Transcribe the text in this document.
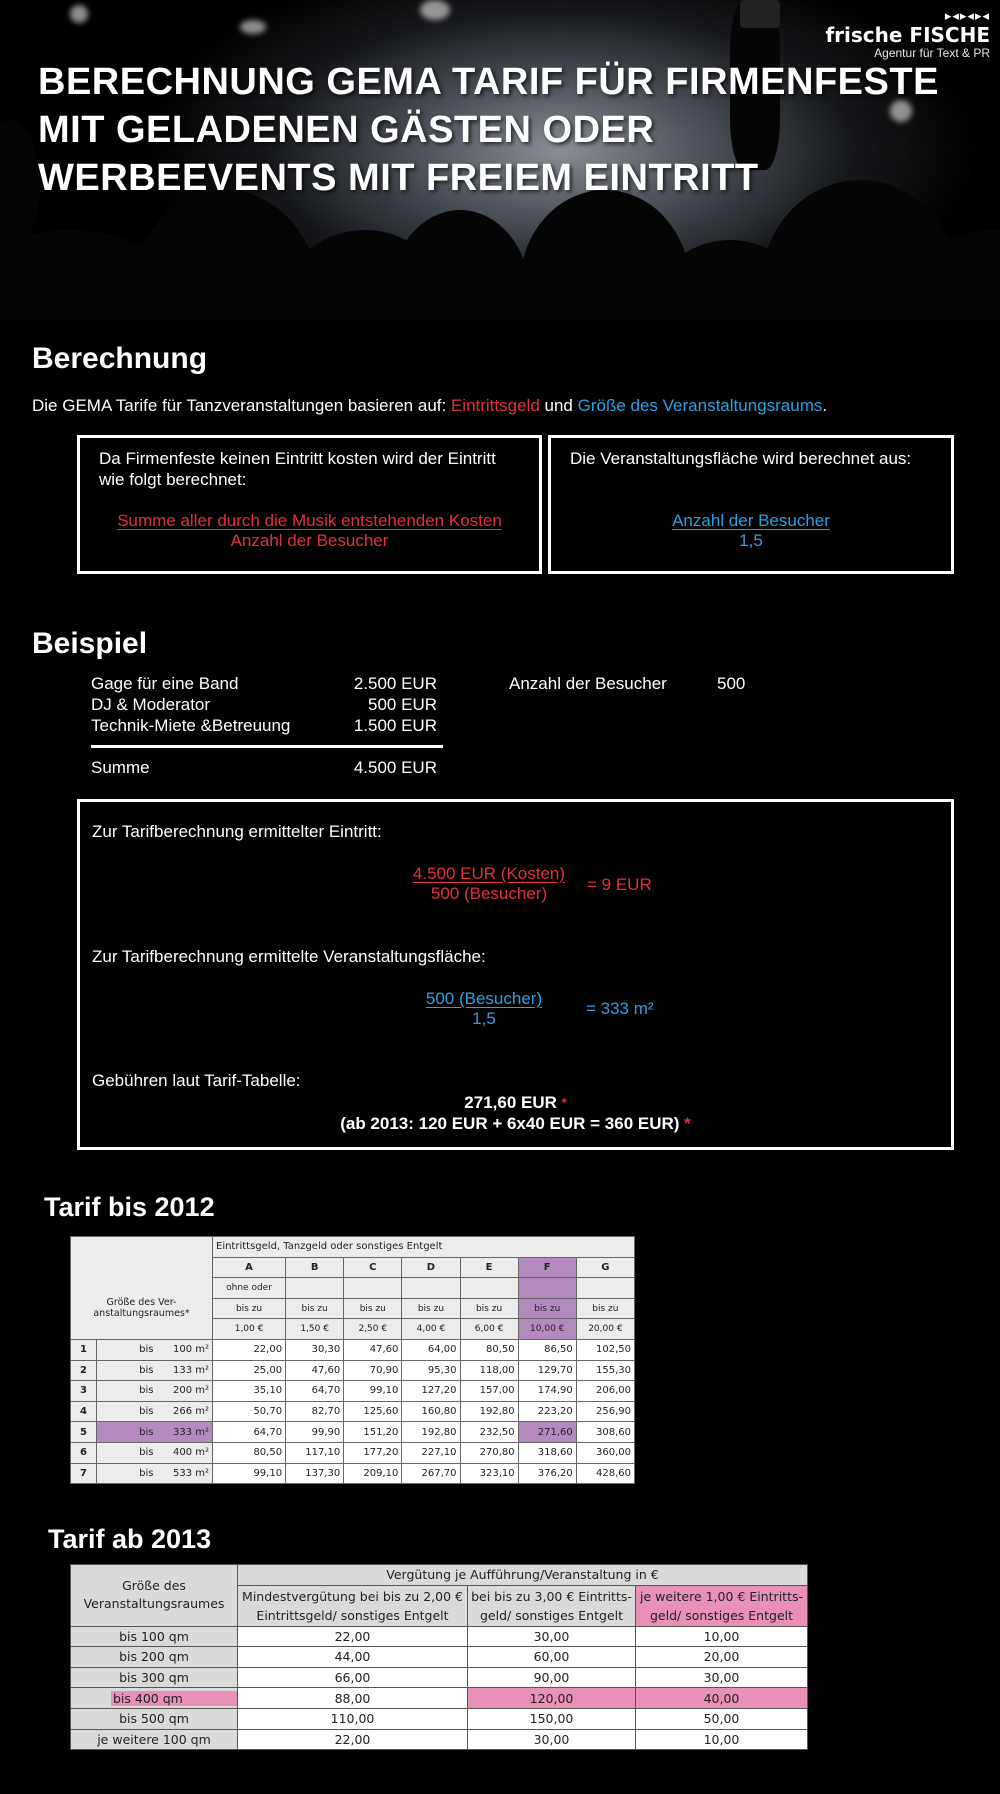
BERECHNUNG GEMA TARIF FÜR FIRMENFESTE MIT GELADENEN GÄSTEN ODER WERBEEVENTS MIT FREIEM EINTRITT
▸◂▸◂▸◂
frische FISCHE
Agentur für Text & PR
Berechnung
Die GEMA Tarife für Tanzveranstaltungen basieren auf: Eintrittsgeld und Größe des Veranstaltungsraums.
Da Firmenfeste keinen Eintritt kosten wird der Eintritt wie folgt berechnet:
Summe aller durch die Musik entstehenden Kosten
Anzahl der Besucher
Die Veranstaltungsfläche wird berechnet aus:
Anzahl der Besucher
1,5
Beispiel
Gage für eine Band	2.500 EUR
DJ & Moderator	500 EUR
Technik-Miete &Betreuung	1.500 EUR
Summe	4.500 EUR
Anzahl der Besucher	500
Zur Tarifberechnung ermittelter Eintritt:
4.500 EUR (Kosten)
500 (Besucher)	= 9 EUR
Zur Tarifberechnung ermittelte Veranstaltungsfläche:
500 (Besucher)
1,5
= 333 m²
Gebühren laut Tarif-Tabelle:
271,60 EUR *
(ab 2013: 120 EUR + 6x40 EUR = 360 EUR) *
Tarif bis 2012
			Eintrittsgeld, Tanzgeld oder sonstiges Entgelt						
			A	B	C	D	E	F	G
Größe des Ver-anstaltungsraumes*			ohne oder						
			bis zu	bis zu	bis zu	bis zu	bis zu	bis zu	bis zu
			1,00 €	1,50 €	2,50 €	4,00 €	6,00 €	10,00 €	20,00 €
1	bis	100 m²	22,00	30,30	47,60	64,00	80,50	86,50	102,50
2	bis	133 m²	25,00	47,60	70,90	95,30	118,00	129,70	155,30
3	bis	200 m²	35,10	64,70	99,10	127,20	157,00	174,90	206,00
4	bis	266 m²	50,70	82,70	125,60	160,80	192,80	223,20	256,90
5	bis	333 m²	64,70	99,90	151,20	192,80	232,50	271,60	308,60
6	bis	400 m²	80,50	117,10	177,20	227,10	270,80	318,60	360,00
7	bis	533 m²	99,10	137,30	209,10	267,70	323,10	376,20	428,60
Tarif ab 2013
Größe des Veranstaltungsraumes	Vergütung je Aufführung/Veranstaltung in €		
	Mindestvergütung bei bis zu 2,00 € Eintrittsgeld/ sonstiges Entgelt	bei bis zu 3,00 € Eintritts-geld/ sonstiges Entgelt	je weitere 1,00 € Eintritts-geld/ sonstiges Entgelt
bis 100 qm	22,00	30,00	10,00
bis 200 qm	44,00	60,00	20,00
bis 300 qm	66,00	90,00	30,00

bis 400 qm	88,00	120,00	40,00
bis 500 qm	110,00	150,00	50,00
je weitere 100 qm	22,00	30,00	10,00
